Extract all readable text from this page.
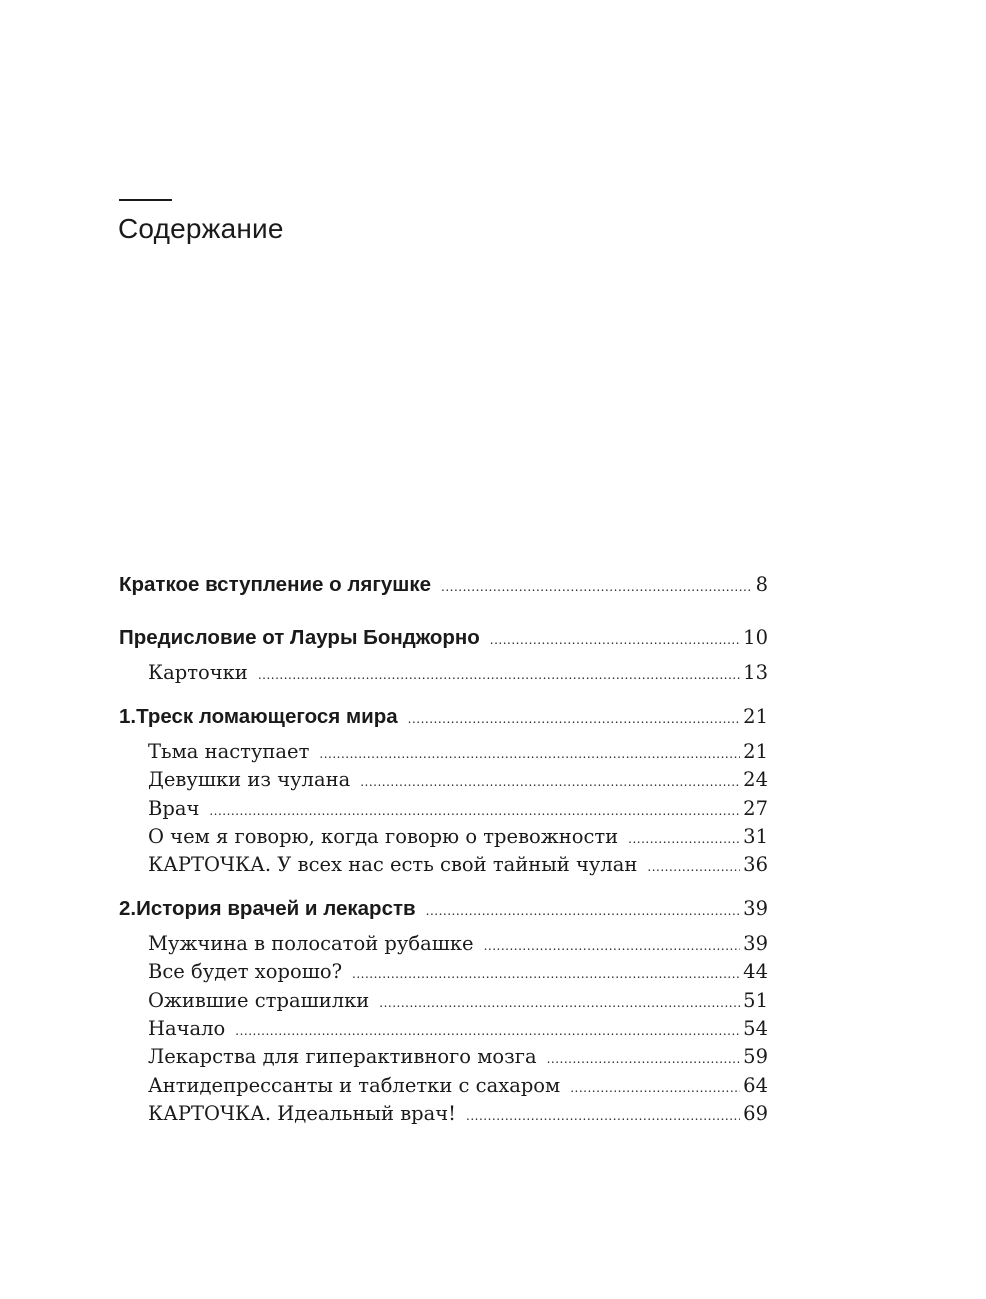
Содержание
Краткое вступление о лягушке .....	8
Предисловие от Лауры Бонджорно .....	10
Карточки .....	13
1. Треск ломающегося мира .....	21
Тьма наступает .....	21
Девушки из чулана .....	24
Врач .....	27
О чем я говорю, когда говорю о тревожности .....	31
КАРТОЧКА. У всех нас есть свой тайный чулан .....	36
2. История врачей и лекарств .....	39
Мужчина в полосатой рубашке .....	39
Все будет хорошо? .....	44
Ожившие страшилки .....	51
Начало .....	54
Лекарства для гиперактивного мозга .....	59
Антидепрессанты и таблетки с сахаром .....	64
КАРТОЧКА. Идеальный врач! .....	69
